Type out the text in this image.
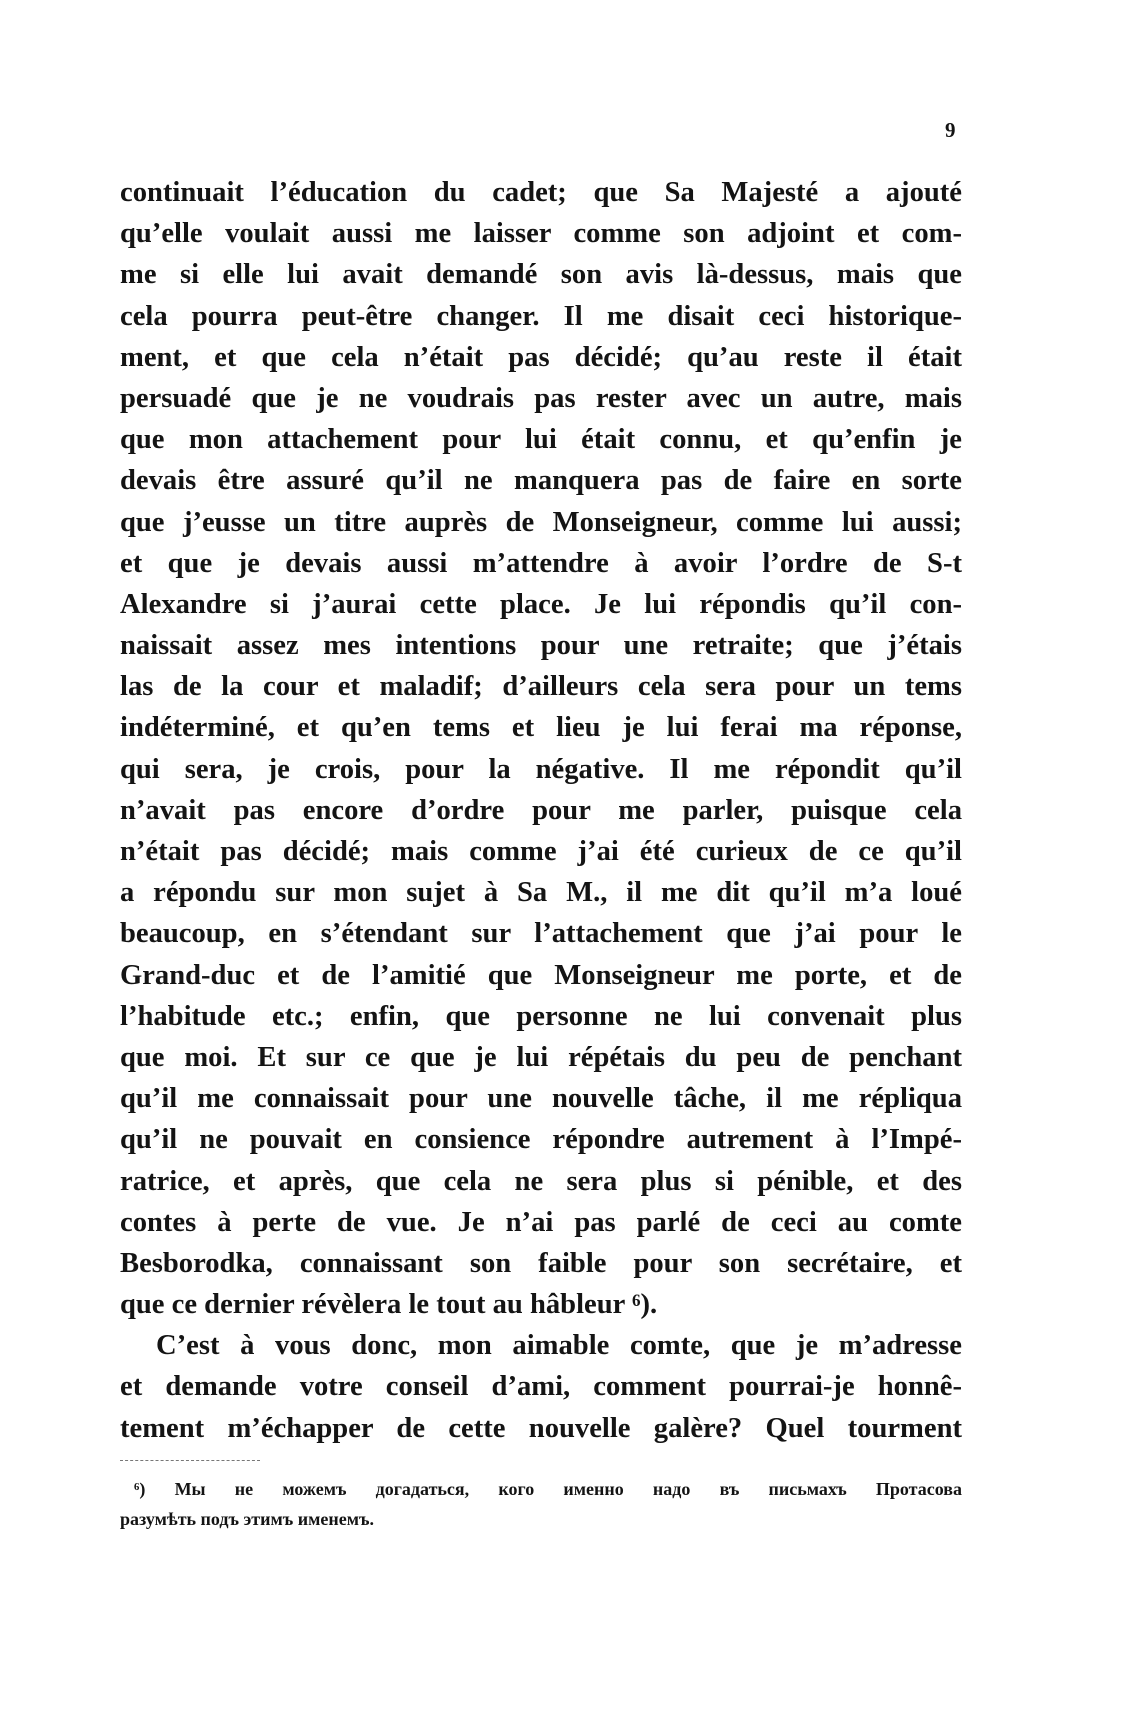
9
continuait l’éducation du cadet; que Sa Majesté a ajouté
qu’elle voulait aussi me laisser comme son adjoint et com-
me si elle lui avait demandé son avis là-dessus, mais que
cela pourra peut-être changer. Il me disait ceci historique-
ment, et que cela n’était pas décidé; qu’au reste il était
persuadé que je ne voudrais pas rester avec un autre, mais
que mon attachement pour lui était connu, et qu’enfin je
devais être assuré qu’il ne manquera pas de faire en sorte
que j’eusse un titre auprès de Monseigneur, comme lui aussi;
et que je devais aussi m’attendre à avoir l’ordre de S-t
Alexandre si j’aurai cette place. Je lui répondis qu’il con-
naissait assez mes intentions pour une retraite; que j’étais
las de la cour et maladif; d’ailleurs cela sera pour un tems
indéterminé, et qu’en tems et lieu je lui ferai ma réponse,
qui sera, je crois, pour la négative. Il me répondit qu’il
n’avait pas encore d’ordre pour me parler, puisque cela
n’était pas décidé; mais comme j’ai été curieux de ce qu’il
a répondu sur mon sujet à Sa M., il me dit qu’il m’a loué
beaucoup, en s’étendant sur l’attachement que j’ai pour le
Grand-duc et de l’amitié que Monseigneur me porte, et de
l’habitude etc.; enfin, que personne ne lui convenait plus
que moi. Et sur ce que je lui répétais du peu de penchant
qu’il me connaissait pour une nouvelle tâche, il me répliqua
qu’il ne pouvait en consience répondre autrement à l’Impé-
ratrice, et après, que cela ne sera plus si pénible, et des
contes à perte de vue. Je n’ai pas parlé de ceci au comte
Besborodka, connaissant son faible pour son secrétaire, et
que ce dernier révèlera le tout au hâbleur ⁶).
C’est à vous donc, mon aimable comte, que je m’adresse
et demande votre conseil d’ami, comment pourrai-je honnê-
tement m’échapper de cette nouvelle galère? Quel tourment
⁶) Мы не можемъ догадаться, кого именно надо въ письмахъ Протасова
разумѣть подъ этимъ именемъ.
